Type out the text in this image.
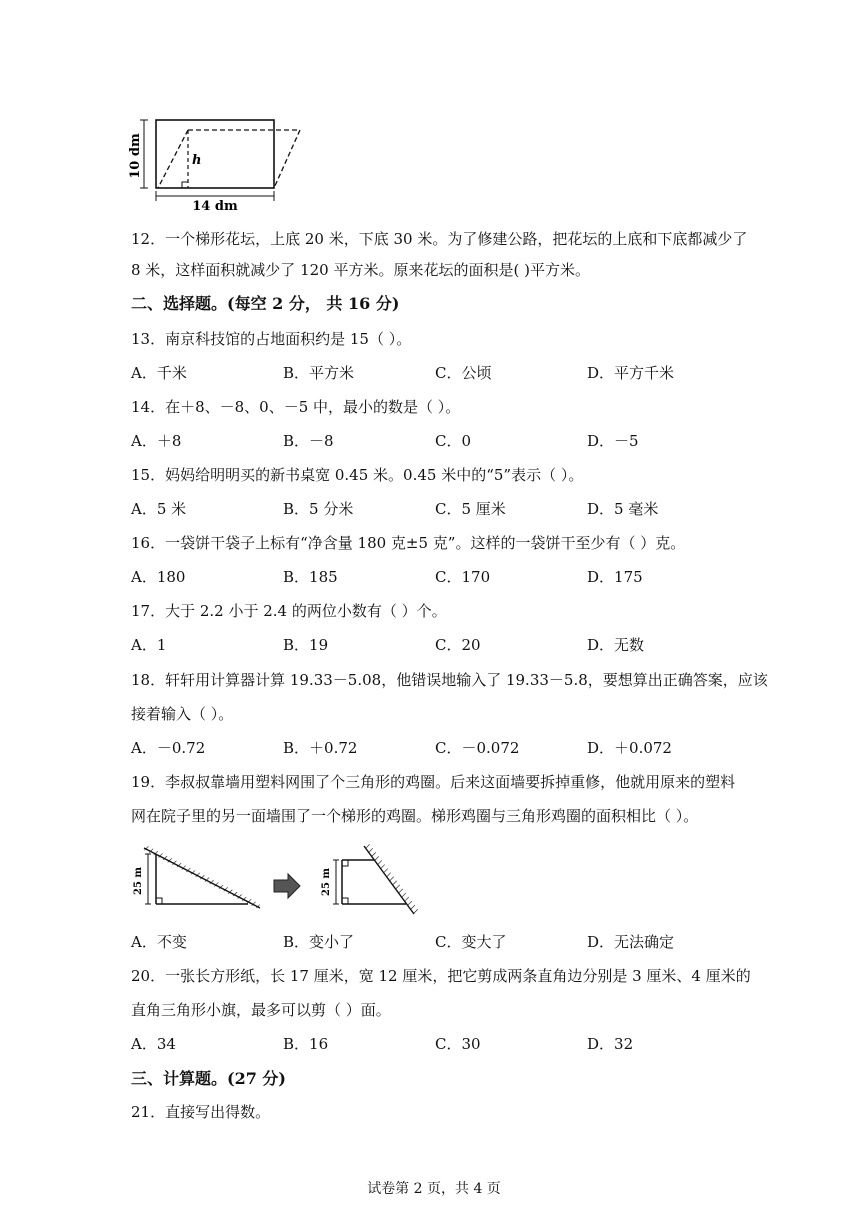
10 dm	h
14 dm
12．一个梯形花坛，上底 20 米，下底 30 米。为了修建公路，把花坛的上底和下底都减少了
8 米，这样面积就减少了 120 平方米。原来花坛的面积是( )平方米。
二、选择题。(每空 2 分， 共 16 分)
13．南京科技馆的占地面积约是 15（ ）。
A．千米	B．平方米	C．公顷	D．平方千米
14．在＋8、－8、0、－5 中，最小的数是（ ）。
A．＋8	B．－8	C．0	D．－5
15．妈妈给明明买的新书桌宽 0.45 米。0.45 米中的“5”表示（ ）。
A．5 米	B．5 分米	C．5 厘米	D．5 毫米
16．一袋饼干袋子上标有“净含量 180 克±5 克”。这样的一袋饼干至少有（ ）克。
A．180	B．185	C．170	D．175
17．大于 2.2 小于 2.4 的两位小数有（ ）个。
A．1	B．19	C．20	D．无数
18．轩轩用计算器计算 19.33－5.08，他错误地输入了 19.33－5.8，要想算出正确答案，应该
接着输入（ ）。
A．－0.72	B．＋0.72	C．－0.072	D．＋0.072
19．李叔叔靠墙用塑料网围了个三角形的鸡圈。后来这面墙要拆掉重修，他就用原来的塑料
网在院子里的另一面墙围了一个梯形的鸡圈。梯形鸡圈与三角形鸡圈的面积相比（ ）。
25 m	25 m
A．不变	B．变小了	C．变大了	D．无法确定
20．一张长方形纸，长 17 厘米，宽 12 厘米，把它剪成两条直角边分别是 3 厘米、4 厘米的
直角三角形小旗，最多可以剪（ ）面。
A．34	B．16	C．30	D．32
三、计算题。(27 分)
21．直接写出得数。
试卷第 2 页，共 4 页
